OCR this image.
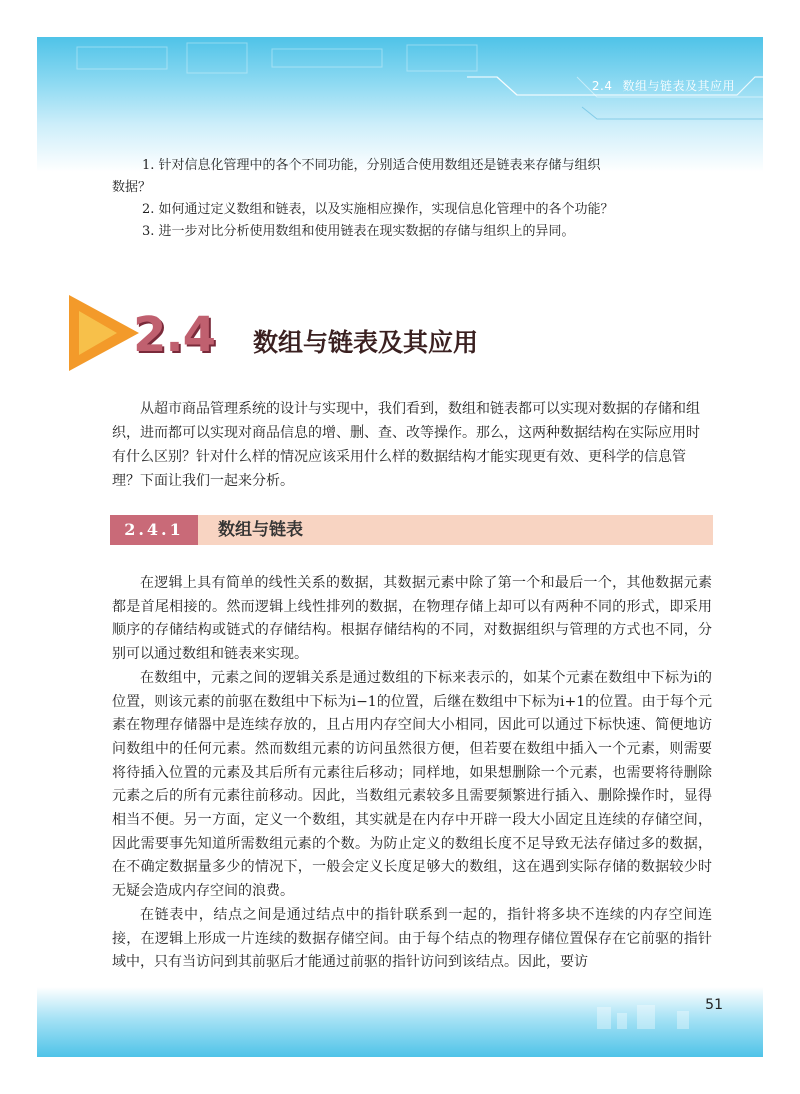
2.4 数组与链表及其应用

1. 针对信息化管理中的各个不同功能，分别适合使用数组还是链表来存储与组织

数据？

2. 如何通过定义数组和链表，以及实施相应操作，实现信息化管理中的各个功能？

3. 进一步对比分析使用数组和使用链表在现实数据的存储与组织上的异同。

2.4 数组与链表及其应用

从超市商品管理系统的设计与实现中，我们看到，数组和链表都可以实现对数据的存储和组织，进而都可以实现对商品信息的增、删、查、改等操作。那么，这两种数据结构在实际应用时有什么区别？针对什么样的情况应该采用什么样的数据结构才能实现更有效、更科学的信息管理？下面让我们一起来分析。

2.4.1	数组与链表

在逻辑上具有简单的线性关系的数据，其数据元素中除了第一个和最后一个，其他数据元素都是首尾相接的。然而逻辑上线性排列的数据，在物理存储上却可以有两种不同的形式，即采用顺序的存储结构或链式的存储结构。根据存储结构的不同，对数据组织与管理的方式也不同，分别可以通过数组和链表来实现。

在数组中，元素之间的逻辑关系是通过数组的下标来表示的，如某个元素在数组中下标为i的位置，则该元素的前驱在数组中下标为i−1的位置，后继在数组中下标为i+1的位置。由于每个元素在物理存储器中是连续存放的，且占用内存空间大小相同，因此可以通过下标快速、简便地访问数组中的任何元素。然而数组元素的访问虽然很方便，但若要在数组中插入一个元素，则需要将待插入位置的元素及其后所有元素往后移动；同样地，如果想删除一个元素，也需要将待删除元素之后的所有元素往前移动。因此，当数组元素较多且需要频繁进行插入、删除操作时，显得相当不便。另一方面，定义一个数组，其实就是在内存中开辟一段大小固定且连续的存储空间，因此需要事先知道所需数组元素的个数。为防止定义的数组长度不足导致无法存储过多的数据，在不确定数据量多少的情况下，一般会定义长度足够大的数组，这在遇到实际存储的数据较少时无疑会造成内存空间的浪费。

在链表中，结点之间是通过结点中的指针联系到一起的，指针将多块不连续的内存空间连接，在逻辑上形成一片连续的数据存储空间。由于每个结点的物理存储位置保存在它前驱的指针域中，只有当访问到其前驱后才能通过前驱的指针访问到该结点。因此，要访

51
